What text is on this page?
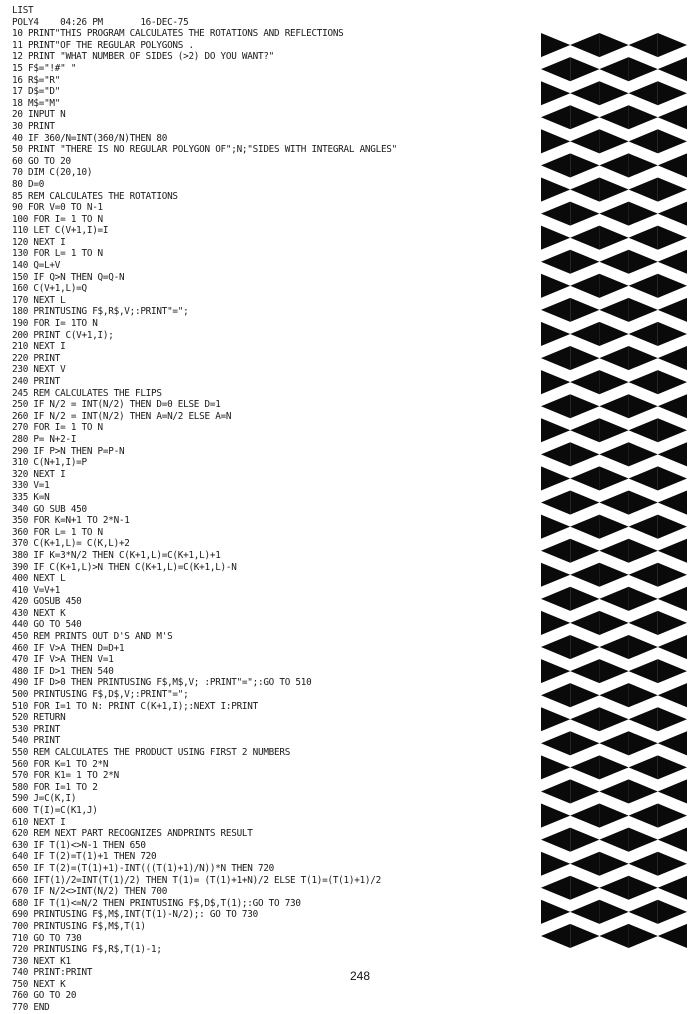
LIST
POLY4    04:26 PM       16-DEC-75
10 PRINT"THIS PROGRAM CALCULATES THE ROTATIONS AND REFLECTIONS
11 PRINT"OF THE REGULAR POLYGONS .
12 PRINT "WHAT NUMBER OF SIDES (>2) DO YOU WANT?"
15 F$="!#" "
16 R$="R"
17 D$="D"
18 M$="M"
20 INPUT N
30 PRINT
40 IF 360/N=INT(360/N)THEN 80
50 PRINT "THERE IS NO REGULAR POLYGON OF";N;"SIDES WITH INTEGRAL ANGLES"
60 GO TO 20
70 DIM C(20,10)
80 D=0
85 REM CALCULATES THE ROTATIONS
90 FOR V=0 TO N-1
100 FOR I= 1 TO N
110 LET C(V+1,I)=I
120 NEXT I
130 FOR L= 1 TO N
140 Q=L+V
150 IF Q>N THEN Q=Q-N
160 C(V+1,L)=Q
170 NEXT L
180 PRINTUSING F$,R$,V;:PRINT"=";
190 FOR I= 1TO N
200 PRINT C(V+1,I);
210 NEXT I
220 PRINT
230 NEXT V
240 PRINT
245 REM CALCULATES THE FLIPS
250 IF N/2 = INT(N/2) THEN D=0 ELSE D=1
260 IF N/2 = INT(N/2) THEN A=N/2 ELSE A=N
270 FOR I= 1 TO N
280 P= N+2-I
290 IF P>N THEN P=P-N
310 C(N+1,I)=P
320 NEXT I
330 V=1
335 K=N
340 GO SUB 450
350 FOR K=N+1 TO 2*N-1
360 FOR L= 1 TO N
370 C(K+1,L)= C(K,L)+2
380 IF K=3*N/2 THEN C(K+1,L)=C(K+1,L)+1
390 IF C(K+1,L)>N THEN C(K+1,L)=C(K+1,L)-N
400 NEXT L
410 V=V+1
420 GOSUB 450
430 NEXT K
440 GO TO 540
450 REM PRINTS OUT D'S AND M'S
460 IF V>A THEN D=D+1
470 IF V>A THEN V=1
480 IF D>1 THEN 540
490 IF D>0 THEN PRINTUSING F$,M$,V; :PRINT"=";:GO TO 510
500 PRINTUSING F$,D$,V;:PRINT"=";
510 FOR I=1 TO N: PRINT C(K+1,I);:NEXT I:PRINT
520 RETURN
530 PRINT
540 PRINT
550 REM CALCULATES THE PRODUCT USING FIRST 2 NUMBERS
560 FOR K=1 TO 2*N
570 FOR K1= 1 TO 2*N
580 FOR I=1 TO 2
590 J=C(K,I)
600 T(I)=C(K1,J)
610 NEXT I
620 REM NEXT PART RECOGNIZES ANDPRINTS RESULT
630 IF T(1)<>N-1 THEN 650
640 IF T(2)=T(1)+1 THEN 720
650 IF T(2)=(T(1)+1)-INT(((T(1)+1)/N))*N THEN 720
660 IFT(1)/2=INT(T(1)/2) THEN T(1)= (T(1)+1+N)/2 ELSE T(1)=(T(1)+1)/2
670 IF N/2<>INT(N/2) THEN 700
680 IF T(1)<=N/2 THEN PRINTUSING F$,D$,T(1);:GO TO 730
690 PRINTUSING F$,M$,INT(T(1)-N/2);: GO TO 730
700 PRINTUSING F$,M$,T(1)
710 GO TO 730
720 PRINTUSING F$,R$,T(1)-1;
730 NEXT K1
740 PRINT:PRINT
750 NEXT K
760 GO TO 20
770 END
248
